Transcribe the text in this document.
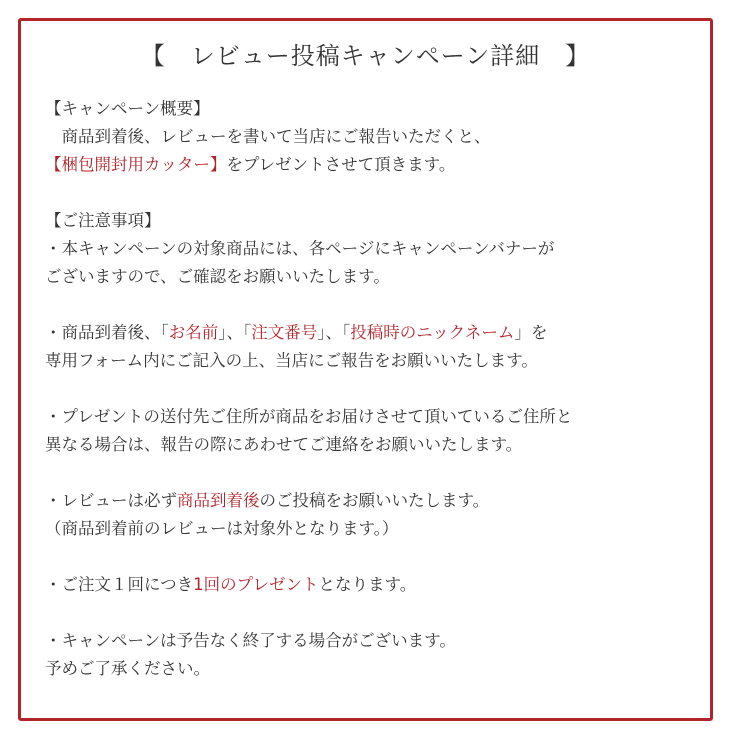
【　レビュー投稿キャンペーン詳細　】
【キャンペーン概要】
　商品到着後、レビューを書いて当店にご報告いただくと、
【梱包開封用カッター】をプレゼントさせて頂きます。
【ご注意事項】
・本キャンペーンの対象商品には、各ページにキャンペーンバナーが
ございますので、ご確認をお願いいたします。
・商品到着後、「お名前」、「注文番号」、「投稿時のニックネーム」を
専用フォーム内にご記入の上、当店にご報告をお願いいたします。
・プレゼントの送付先ご住所が商品をお届けさせて頂いているご住所と
異なる場合は、報告の際にあわせてご連絡をお願いいたします。
・レビューは必ず商品到着後のご投稿をお願いいたします。
（商品到着前のレビューは対象外となります。）
・ご注文１回につき1回のプレゼントとなります。
・キャンペーンは予告なく終了する場合がございます。
予めご了承ください。
